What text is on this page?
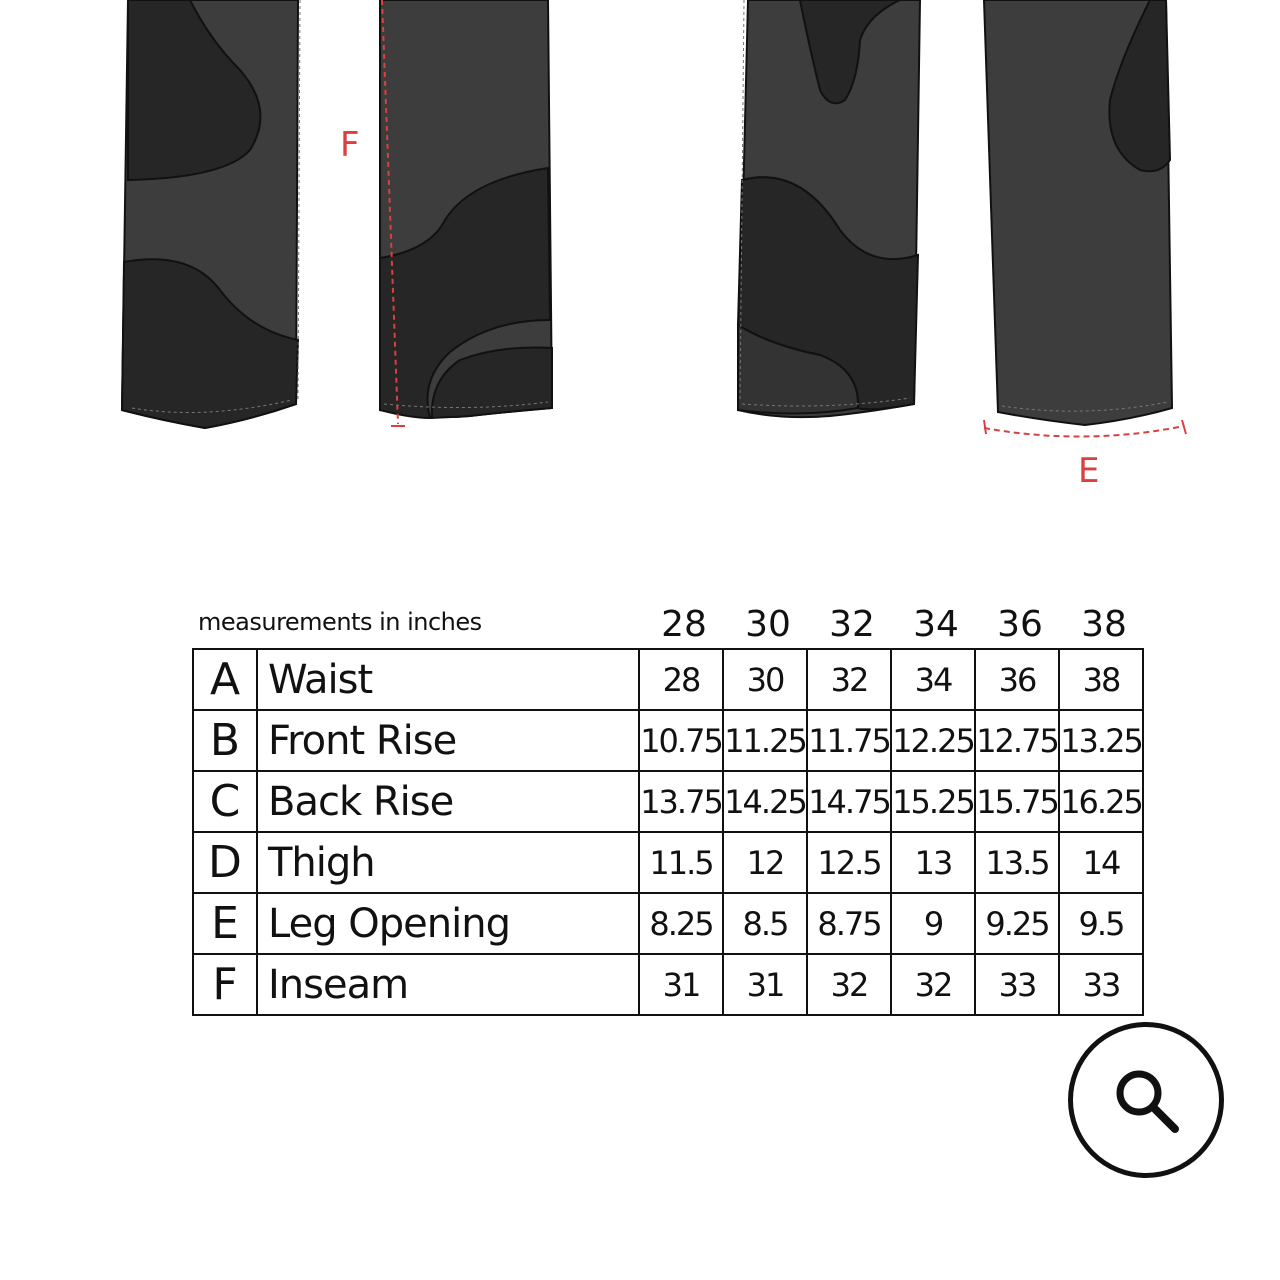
F
E
measurements in inches	28	30	32	34	36	38
A	Waist	28	30	32	34	36	38
B	Front Rise	10.75	11.25	11.75	12.25	12.75	13.25
C	Back Rise	13.75	14.25	14.75	15.25	15.75	16.25
D	Thigh	11.5	12	12.5	13	13.5	14
E	Leg Opening	8.25	8.5	8.75	9	9.25	9.5
F	Inseam	31	31	32	32	33	33
